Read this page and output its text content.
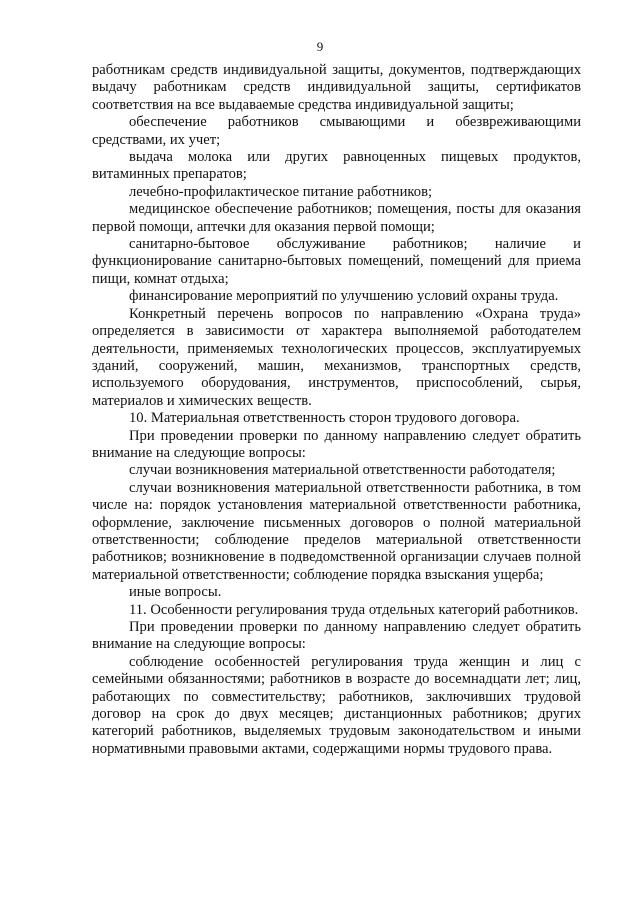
9

работникам средств индивидуальной защиты, документов, подтверждающих выдачу работникам средств индивидуальной защиты, сертификатов соответствия на все выдаваемые средства индивидуальной защиты;

обеспечение работников смывающими и обезвреживающими средствами, их учет;

выдача молока или других равноценных пищевых продуктов, витаминных препаратов;

лечебно-профилактическое питание работников;

медицинское обеспечение работников; помещения, посты для оказания первой помощи, аптечки для оказания первой помощи;

санитарно-бытовое обслуживание работников; наличие и функционирование санитарно-бытовых помещений, помещений для приема пищи, комнат отдыха;

финансирование мероприятий по улучшению условий охраны труда.

Конкретный перечень вопросов по направлению «Охрана труда» определяется в зависимости от характера выполняемой работодателем деятельности, применяемых технологических процессов, эксплуатируемых зданий, сооружений, машин, механизмов, транспортных средств, используемого оборудования, инструментов, приспособлений, сырья, материалов и химических веществ.

10. Материальная ответственность сторон трудового договора.

При проведении проверки по данному направлению следует обратить внимание на следующие вопросы:

случаи возникновения материальной ответственности работодателя;

случаи возникновения материальной ответственности работника, в том числе на: порядок установления материальной ответственности работника, оформление, заключение письменных договоров о полной материальной ответственности; соблюдение пределов материальной ответственности работников; возникновение в подведомственной организации случаев полной материальной ответственности; соблюдение порядка взыскания ущерба;

иные вопросы.

11. Особенности регулирования труда отдельных категорий работников.

При проведении проверки по данному направлению следует обратить внимание на следующие вопросы:

соблюдение особенностей регулирования труда женщин и лиц с семейными обязанностями; работников в возрасте до восемнадцати лет; лиц, работающих по совместительству; работников, заключивших трудовой договор на срок до двух месяцев; дистанционных работников; других категорий работников, выделяемых трудовым законодательством и иными нормативными правовыми актами, содержащими нормы трудового права.
